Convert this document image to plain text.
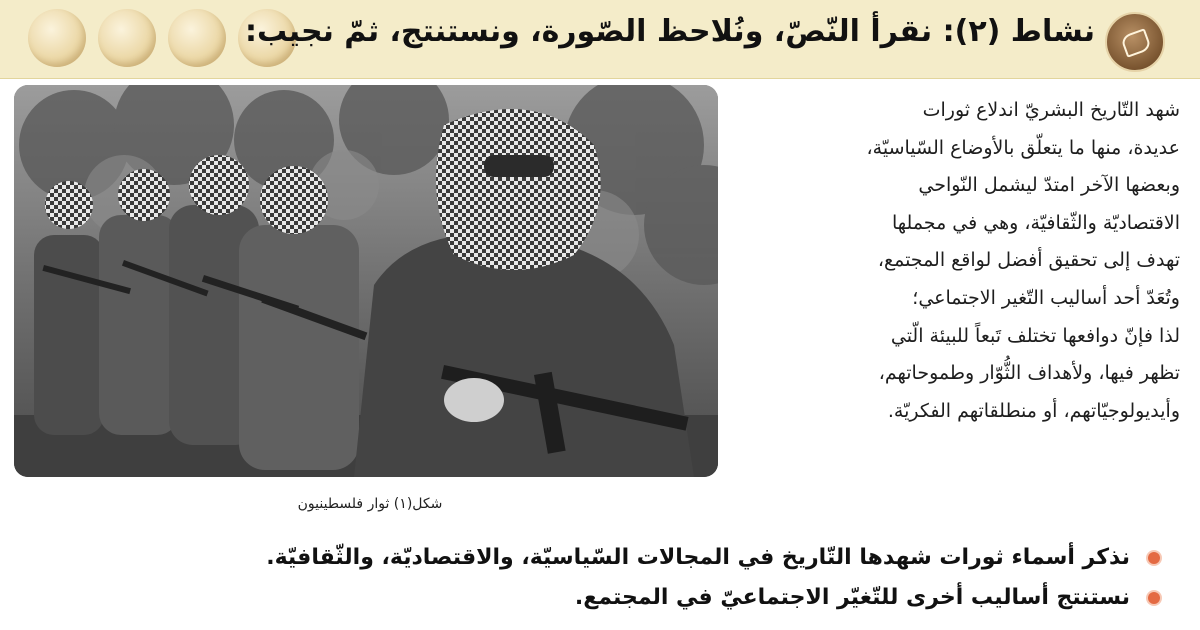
نشاط (٢): نقرأ النّصّ، ونُلاحظ الصّورة، ونستنتج، ثمّ نجيب:
شكل(١) ثوار فلسطينيون
شهد التّاريخ البشريّ اندلاع ثورات
عديدة، منها ما يتعلّق بالأوضاع السّياسيّة،
وبعضها الآخر امتدّ ليشمل النّواحي
الاقتصاديّة والثّقافيّة، وهي في مجملها
تهدف إلى تحقيق أفضل لواقع المجتمع،
وتُعَدّ أحد أساليب التّغير الاجتماعي؛
لذا فإنّ دوافعها تختلف تَبعاً للبيئة الّتي
تظهر فيها، ولأهداف الثُّوّار وطموحاتهم،
وأيديولوجيّاتهم، أو منطلقاتهم الفكريّة.
نذكر أسماء ثورات شهدها التّاريخ في المجالات السّياسيّة، والاقتصاديّة، والثّقافيّة.
نستنتج أساليب أخرى للتّغيّر الاجتماعيّ في المجتمع.
